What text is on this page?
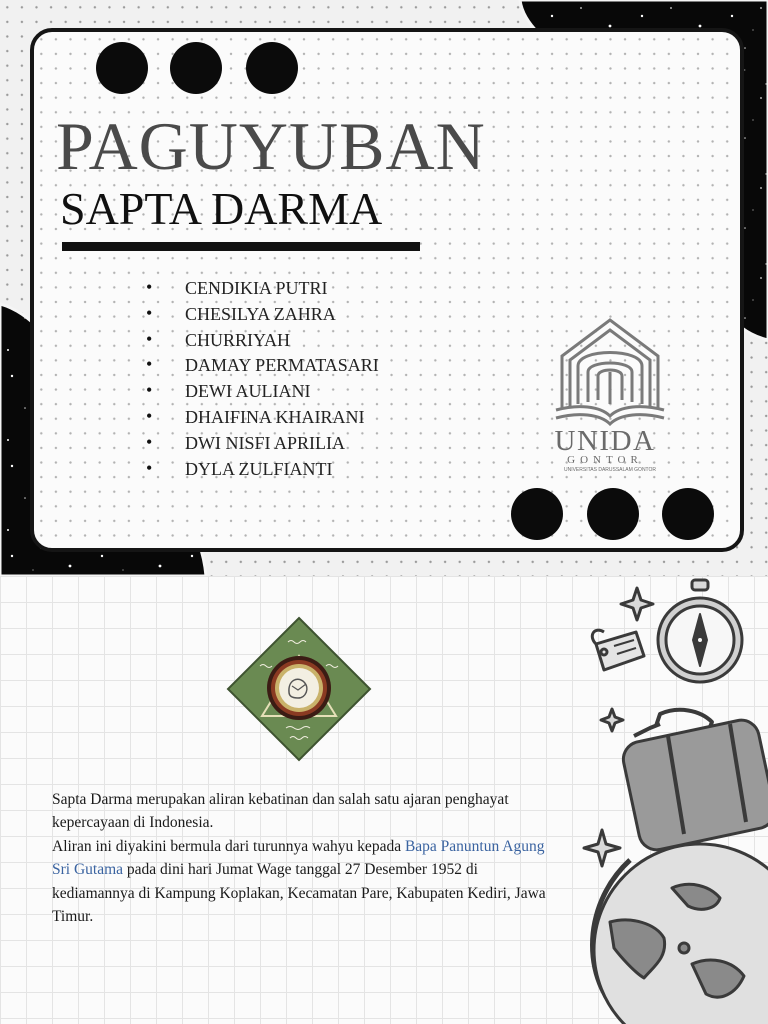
PAGUYUBAN
SAPTA DARMA
• CENDIKIA PUTRI
• CHESILYA ZAHRA
• CHURRIYAH
• DAMAY PERMATASARI
• DEWI AULIANI
• DHAIFINA KHAIRANI
• DWI NISFI APRILIA
• DYLA ZULFIANTI
UNIDA
GONTOR
UNIVERSITAS DARUSSALAM GONTOR

Sapta Darma merupakan aliran kebatinan dan salah satu ajaran penghayat kepercayaan di Indonesia.
Aliran ini diyakini bermula dari turunnya wahyu kepada Bapa Panuntun Agung Sri Gutama pada dini hari Jumat Wage tanggal 27 Desember 1952 di kediamannya di Kampung Koplakan, Kecamatan Pare, Kabupaten Kediri, Jawa Timur.
